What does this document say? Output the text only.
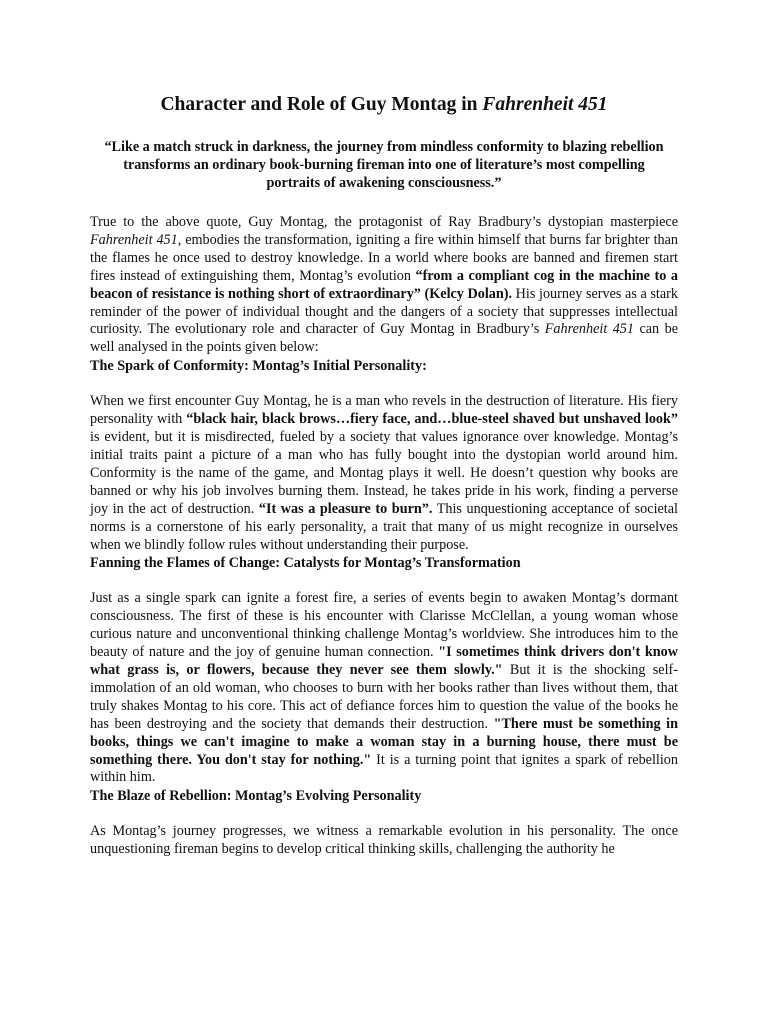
Character and Role of Guy Montag in Fahrenheit 451
“Like a match struck in darkness, the journey from mindless conformity to blazing rebellion transforms an ordinary book-burning fireman into one of literature’s most compelling portraits of awakening consciousness.”

True to the above quote, Guy Montag, the protagonist of Ray Bradbury’s dystopian masterpiece Fahrenheit 451, embodies the transformation, igniting a fire within himself that burns far brighter than the flames he once used to destroy knowledge. In a world where books are banned and firemen start fires instead of extinguishing them, Montag’s evolution “from a compliant cog in the machine to a beacon of resistance is nothing short of extraordinary” (Kelcy Dolan). His journey serves as a stark reminder of the power of individual thought and the dangers of a society that suppresses intellectual curiosity. The evolutionary role and character of Guy Montag in Bradbury’s Fahrenheit 451 can be well analysed in the points given below:

The Spark of Conformity: Montag’s Initial Personality:

When we first encounter Guy Montag, he is a man who revels in the destruction of literature. His fiery personality with “black hair, black brows…fiery face, and…blue-steel shaved but unshaved look” is evident, but it is misdirected, fueled by a society that values ignorance over knowledge. Montag’s initial traits paint a picture of a man who has fully bought into the dystopian world around him. Conformity is the name of the game, and Montag plays it well. He doesn’t question why books are banned or why his job involves burning them. Instead, he takes pride in his work, finding a perverse joy in the act of destruction. “It was a pleasure to burn”. This unquestioning acceptance of societal norms is a cornerstone of his early personality, a trait that many of us might recognize in ourselves when we blindly follow rules without understanding their purpose.

Fanning the Flames of Change: Catalysts for Montag’s Transformation

Just as a single spark can ignite a forest fire, a series of events begin to awaken Montag’s dormant consciousness. The first of these is his encounter with Clarisse McClellan, a young woman whose curious nature and unconventional thinking challenge Montag’s worldview. She introduces him to the beauty of nature and the joy of genuine human connection. "I sometimes think drivers don't know what grass is, or flowers, because they never see them slowly." But it is the shocking self-immolation of an old woman, who chooses to burn with her books rather than lives without them, that truly shakes Montag to his core. This act of defiance forces him to question the value of the books he has been destroying and the society that demands their destruction. "There must be something in books, things we can't imagine to make a woman stay in a burning house, there must be something there. You don't stay for nothing." It is a turning point that ignites a spark of rebellion within him.

The Blaze of Rebellion: Montag’s Evolving Personality

As Montag’s journey progresses, we witness a remarkable evolution in his personality. The once unquestioning fireman begins to develop critical thinking skills, challenging the authority he
